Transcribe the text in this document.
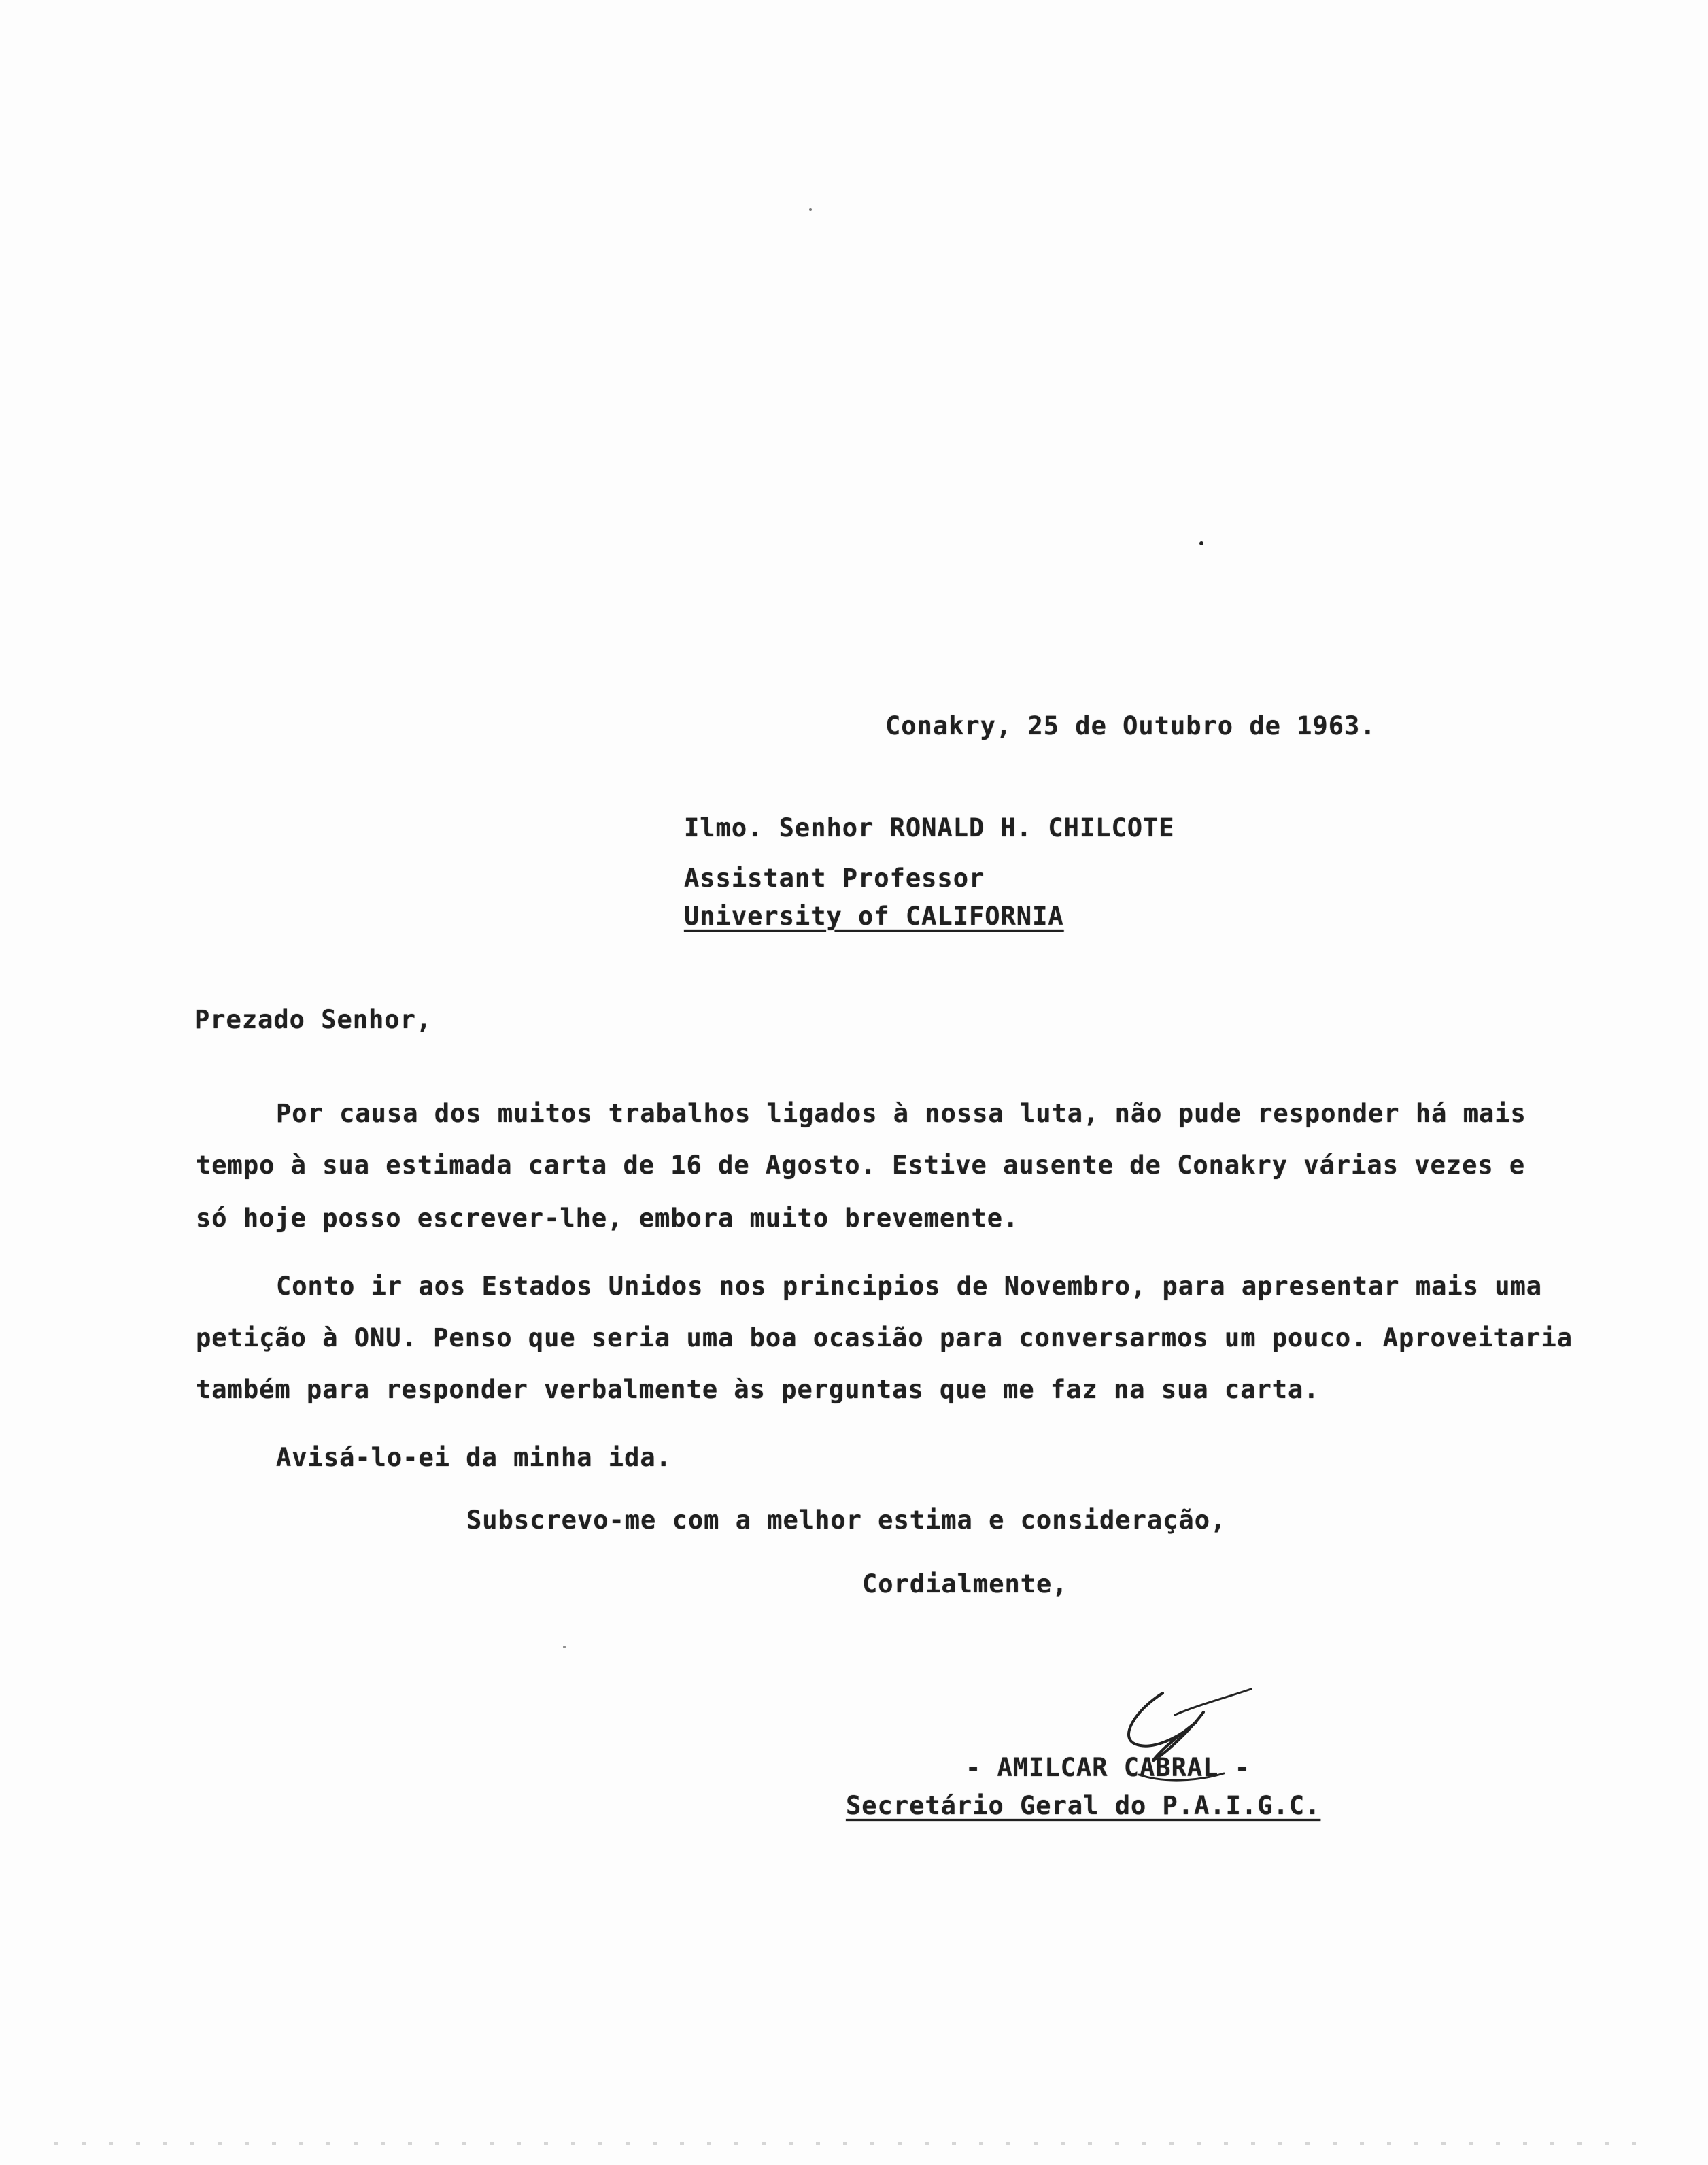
Conakry, 25 de Outubro de 1963.
Ilmo. Senhor RONALD H. CHILCOTE
Assistant Professor
University of CALIFORNIA
Prezado Senhor,
Por causa dos muitos trabalhos ligados à nossa luta, não pude responder há mais
tempo à sua estimada carta de 16 de Agosto. Estive ausente de Conakry várias vezes e
só hoje posso escrever-lhe, embora muito brevemente.
Conto ir aos Estados Unidos nos principios de Novembro, para apresentar mais uma
petição à ONU. Penso que seria uma boa ocasião para conversarmos um pouco. Aproveitaria
também para responder verbalmente às perguntas que me faz na sua carta.
Avisá-lo-ei da minha ida.
Subscrevo-me com a melhor estima e consideração,
Cordialmente,
- AMILCAR CABRAL -
Secretário Geral do P.A.I.G.C.
